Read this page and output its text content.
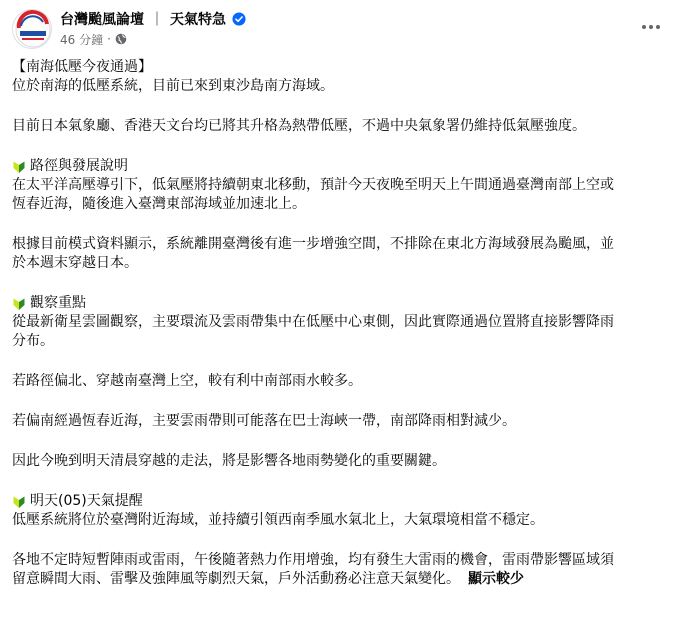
台灣颱風論壇 ｜ 天氣特急
46 分鐘 ·

【南海低壓今夜通過】

位於南海的低壓系統，目前已來到東沙島南方海域。

目前日本氣象廳、香港天文台均已將其升格為熱帶低壓，不過中央氣象署仍維持低氣壓強度。

路徑與發展說明

在太平洋高壓導引下，低氣壓將持續朝東北移動，預計今天夜晚至明天上午間通過臺灣南部上空或

恆春近海，隨後進入臺灣東部海域並加速北上。

根據目前模式資料顯示，系統離開臺灣後有進一步增強空間，不排除在東北方海域發展為颱風，並

於本週末穿越日本。

觀察重點

從最新衛星雲圖觀察，主要環流及雲雨帶集中在低壓中心東側，因此實際通過位置將直接影響降雨

分布。

若路徑偏北、穿越南臺灣上空，較有利中南部雨水較多。

若偏南經過恆春近海，主要雲雨帶則可能落在巴士海峽一帶，南部降雨相對減少。

因此今晚到明天清晨穿越的走法，將是影響各地雨勢變化的重要關鍵。

明天(05)天氣提醒

低壓系統將位於臺灣附近海域，並持續引領西南季風水氣北上，大氣環境相當不穩定。

各地不定時短暫陣雨或雷雨，午後隨著熱力作用增強，均有發生大雷雨的機會，雷雨帶影響區域須

留意瞬間大雨、雷擊及強陣風等劇烈天氣，戶外活動務必注意天氣變化。 顯示較少
